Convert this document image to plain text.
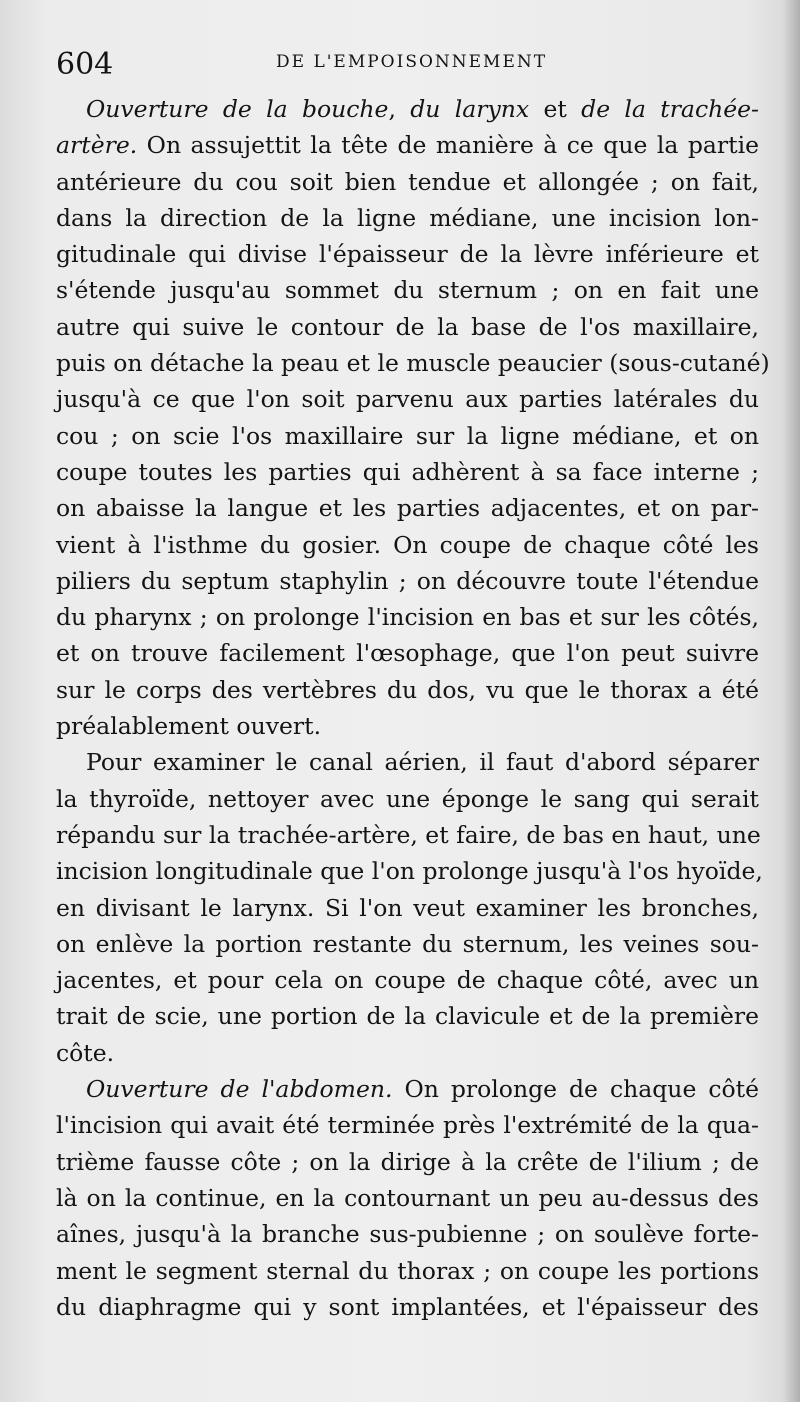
604	DE L'EMPOISONNEMENT
Ouverture de la bouche, du larynx et de la trachée-
artère. On assujettit la tête de manière à ce que la partie
antérieure du cou soit bien tendue et allongée ; on fait,
dans la direction de la ligne médiane, une incision lon-
gitudinale qui divise l'épaisseur de la lèvre inférieure et
s'étende jusqu'au sommet du sternum ; on en fait une
autre qui suive le contour de la base de l'os maxillaire,
puis on détache la peau et le muscle peaucier (sous-cutané)
jusqu'à ce que l'on soit parvenu aux parties latérales du
cou ; on scie l'os maxillaire sur la ligne médiane, et on
coupe toutes les parties qui adhèrent à sa face interne ;
on abaisse la langue et les parties adjacentes, et on par-
vient à l'isthme du gosier. On coupe de chaque côté les
piliers du septum staphylin ; on découvre toute l'étendue
du pharynx ; on prolonge l'incision en bas et sur les côtés,
et on trouve facilement l'œsophage, que l'on peut suivre
sur le corps des vertèbres du dos, vu que le thorax a été
préalablement ouvert.
Pour examiner le canal aérien, il faut d'abord séparer
la thyroïde, nettoyer avec une éponge le sang qui serait
répandu sur la trachée-artère, et faire, de bas en haut, une
incision longitudinale que l'on prolonge jusqu'à l'os hyoïde,
en divisant le larynx. Si l'on veut examiner les bronches,
on enlève la portion restante du sternum, les veines sou-
jacentes, et pour cela on coupe de chaque côté, avec un
trait de scie, une portion de la clavicule et de la première
côte.
Ouverture de l'abdomen. On prolonge de chaque côté
l'incision qui avait été terminée près l'extrémité de la qua-
trième fausse côte ; on la dirige à la crête de l'ilium ; de
là on la continue, en la contournant un peu au-dessus des
aînes, jusqu'à la branche sus-pubienne ; on soulève forte-
ment le segment sternal du thorax ; on coupe les portions
du diaphragme qui y sont implantées, et l'épaisseur des
